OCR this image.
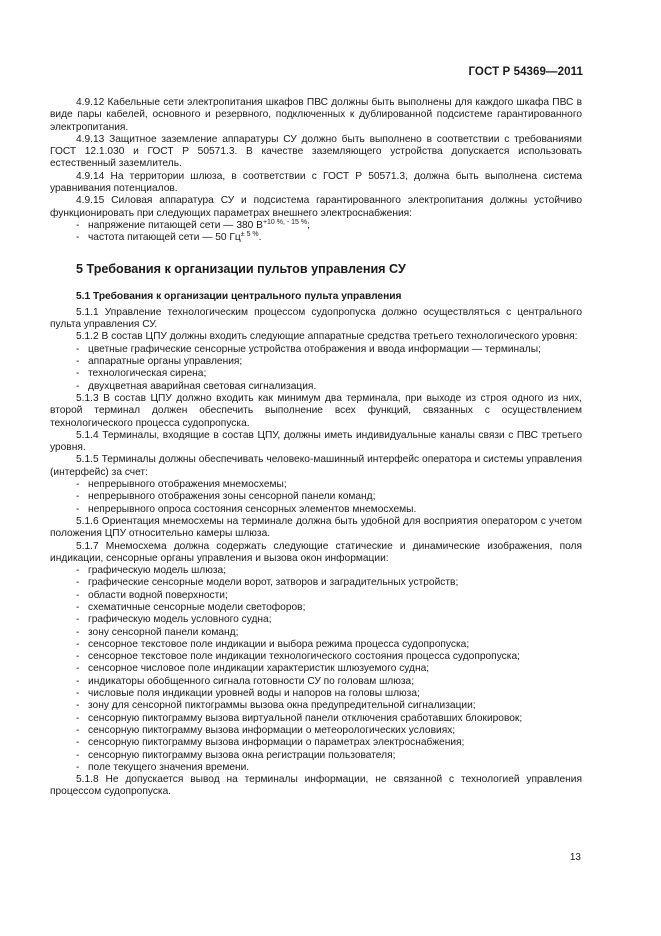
ГОСТ Р 54369—2011

4.9.12 Кабельные сети электропитания шкафов ПВС должны быть выполнены для каждого шкафа ПВС в виде пары кабелей, основного и резервного, подключенных к дублированной подсистеме гарантированного электропитания.

4.9.13 Защитное заземление аппаратуры СУ должно быть выполнено в соответствии с требованиями ГОСТ 12.1.030 и ГОСТ Р 50571.3. В качестве заземляющего устройства допускается использовать естественный заземлитель.

4.9.14 На территории шлюза, в соответствии с ГОСТ Р 50571.3, должна быть выполнена система уравнивания потенциалов.

4.9.15 Силовая аппаратура СУ и подсистема гарантированного электропитания должны устойчиво функционировать при следующих параметрах внешнего электроснабжения:

- напряжение питающей сети — 380 $В^{+10 \%, - 15 \%}$;

- частота питающей сети — 50 $Гц^{\pm 5 \%}$.

5 Требования к организации пультов управления СУ
5.1 Требования к организации центрального пульта управления

5.1.1 Управление технологическим процессом судопропуска должно осуществляться с центрального пульта управления СУ.

5.1.2 В состав ЦПУ должны входить следующие аппаратные средства третьего технологического уровня:

- цветные графические сенсорные устройства отображения и ввода информации — терминалы;

- аппаратные органы управления;

- технологическая сирена;

- двухцветная аварийная световая сигнализация.

5.1.3 В состав ЦПУ должно входить как минимум два терминала, при выходе из строя одного из них, второй терминал должен обеспечить выполнение всех функций, связанных с осуществлением технологического процесса судопропуска.

5.1.4 Терминалы, входящие в состав ЦПУ, должны иметь индивидуальные каналы связи с ПВС третьего уровня.

5.1.5 Терминалы должны обеспечивать человеко-машинный интерфейс оператора и системы управления (интерфейс) за счет:

- непрерывного отображения мнемосхемы;

- непрерывного отображения зоны сенсорной панели команд;

- непрерывного опроса состояния сенсорных элементов мнемосхемы.

5.1.6 Ориентация мнемосхемы на терминале должна быть удобной для восприятия оператором с учетом положения ЦПУ относительно камеры шлюза.

5.1.7 Мнемосхема должна содержать следующие статические и динамические изображения, поля индикации, сенсорные органы управления и вызова окон информации:

- графическую модель шлюза;

- графические сенсорные модели ворот, затворов и заградительных устройств;

- области водной поверхности;

- схематичные сенсорные модели светофоров;

- графическую модель условного судна;

- зону сенсорной панели команд;

- сенсорное текстовое поле индикации и выбора режима процесса судопропуска;

- сенсорное текстовое поле индикации технологического состояния процесса судопропуска;

- сенсорное числовое поле индикации характеристик шлюзуемого судна;

- индикаторы обобщенного сигнала готовности СУ по головам шлюза;

- числовые поля индикации уровней воды и напоров на головы шлюза;

- зону для сенсорной пиктограммы вызова окна предупредительной сигнализации;

- сенсорную пиктограмму вызова виртуальной панели отключения сработавших блокировок;

- сенсорную пиктограмму вызова информации о метеорологических условиях;

- сенсорную пиктограмму вызова информации о параметрах электроснабжения;

- сенсорную пиктограмму вызова окна регистрации пользователя;

- поле текущего значения времени.

5.1.8 Не допускается вывод на терминалы информации, не связанной с технологией управления процессом судопропуска.

13
